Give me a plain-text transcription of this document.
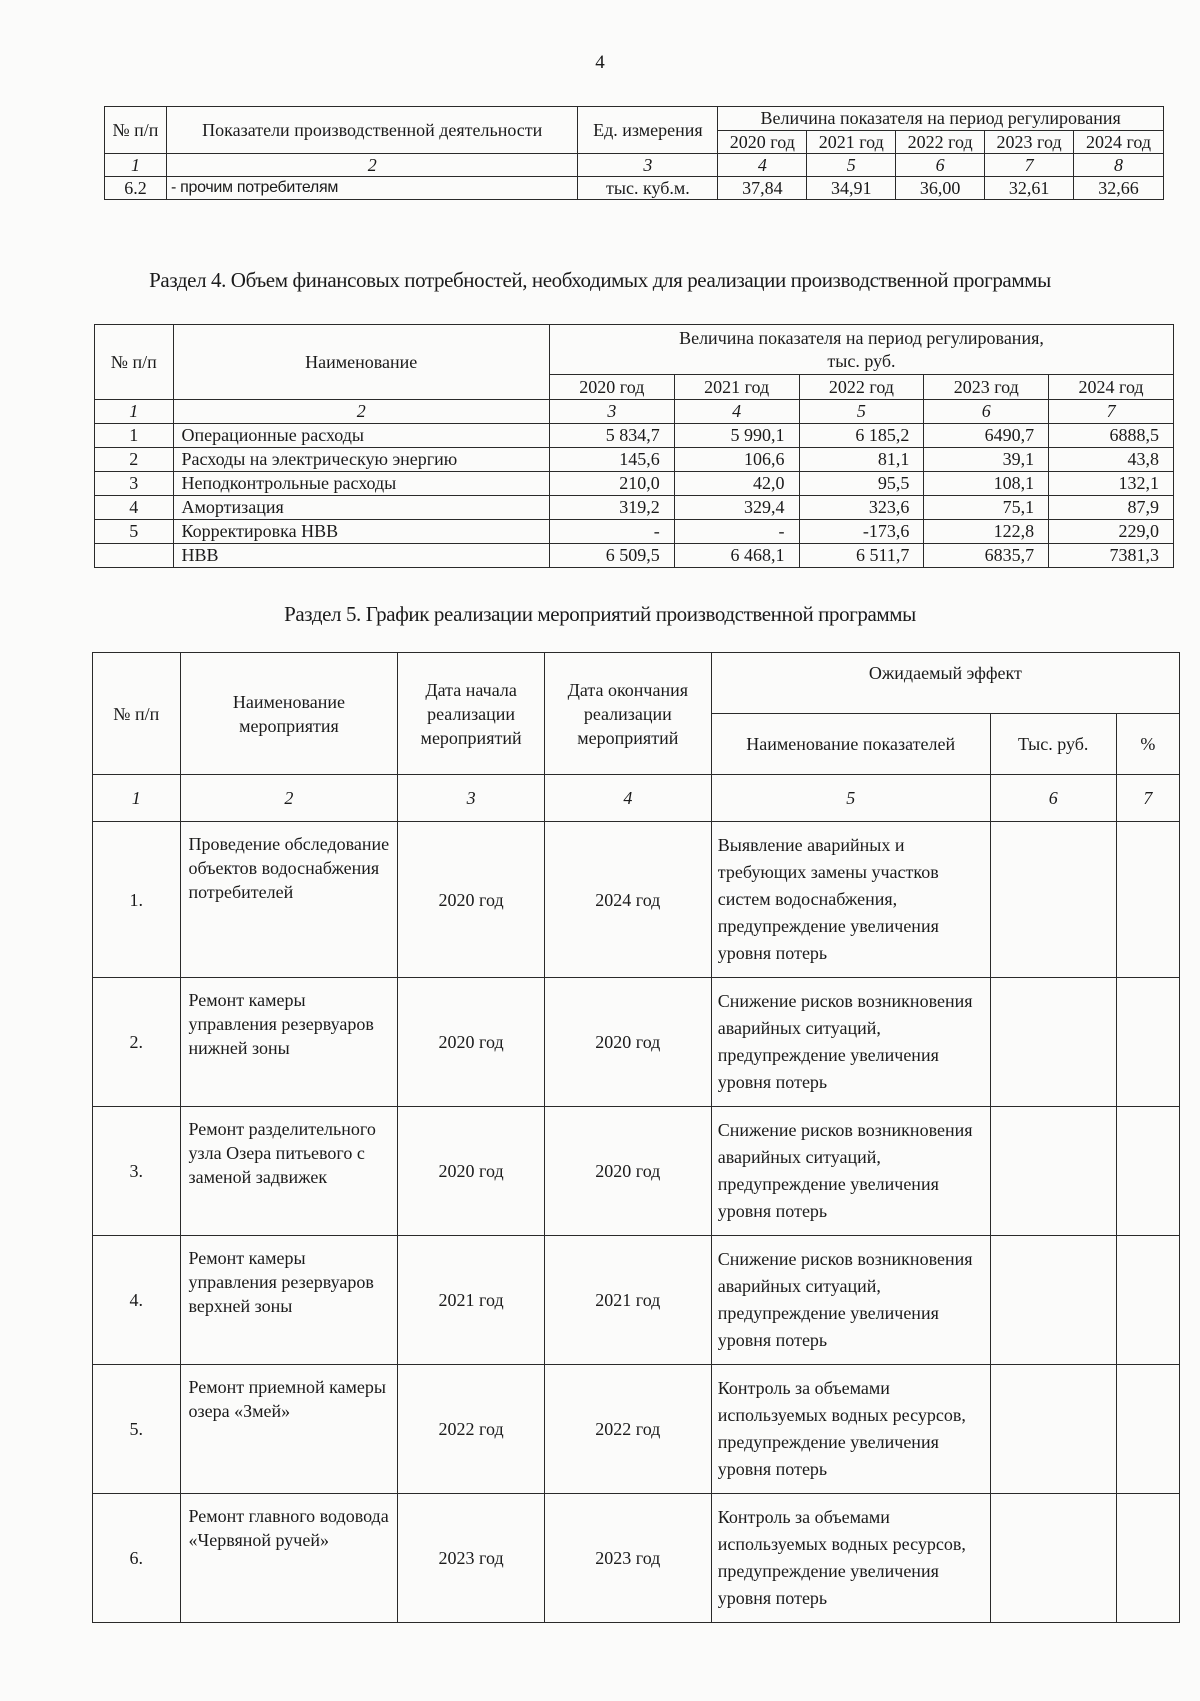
4
№ п/п	Показатели производственной деятельности	Ед. измерения	Величина показателя на период регулирования				
			2020 год	2021 год	2022 год	2023 год	2024 год
1	2	3	4	5	6	7	8
6.2	- прочим потребителям	тыс. куб.м.	37,84	34,91	36,00	32,61	32,66
Раздел 4. Объем финансовых потребностей, необходимых для реализации производственной программы
№ п/п	Наименование	Величина показателя на период регулирования,
тыс. руб.				

		2020 год	2021 год	2022 год	2023 год	2024 год
1	2	3	4	5	6	7
1	Операционные расходы	5 834,7	5 990,1	6 185,2	6490,7	6888,5
2	Расходы на электрическую энергию	145,6	106,6	81,1	39,1	43,8
3	Неподконтрольные расходы	210,0	42,0	95,5	108,1	132,1
4	Амортизация	319,2	329,4	323,6	75,1	87,9
5	Корректировка НВВ	-	-	-173,6	122,8	229,0
	НВВ	6 509,5	6 468,1	6 511,7	6835,7	7381,3
Раздел 5. График реализации мероприятий производственной программы
№ п/п	Наименование мероприятия	Дата начала реализации мероприятий	Дата окончания реализации мероприятий	Ожидаемый эффект		
				Наименование показателей	Тыс. руб.	%
1	2	3	4	5	6	7
1.	Проведение обследование объектов водоснабжения потребителей	2020 год	2024 год	Выявление аварийных и требующих замены участков систем водоснабжения, предупреждение увеличения уровня потерь		
2.	Ремонт камеры управления резервуаров нижней зоны	2020 год	2020 год	Снижение рисков возникновения аварийных ситуаций, предупреждение увеличения уровня потерь		
3.	Ремонт разделительного узла Озера питьевого с заменой задвижек	2020 год	2020 год	Снижение рисков возникновения аварийных ситуаций, предупреждение увеличения уровня потерь		
4.	Ремонт камеры управления резервуаров верхней зоны	2021 год	2021 год	Снижение рисков возникновения аварийных ситуаций, предупреждение увеличения уровня потерь		
5.	Ремонт приемной камеры озера «Змей»	2022 год	2022 год	Контроль за объемами используемых водных ресурсов, предупреждение увеличения уровня потерь		
6.	Ремонт главного водовода «Червяной ручей»	2023 год	2023 год	Контроль за объемами используемых водных ресурсов, предупреждение увеличения уровня потерь		
